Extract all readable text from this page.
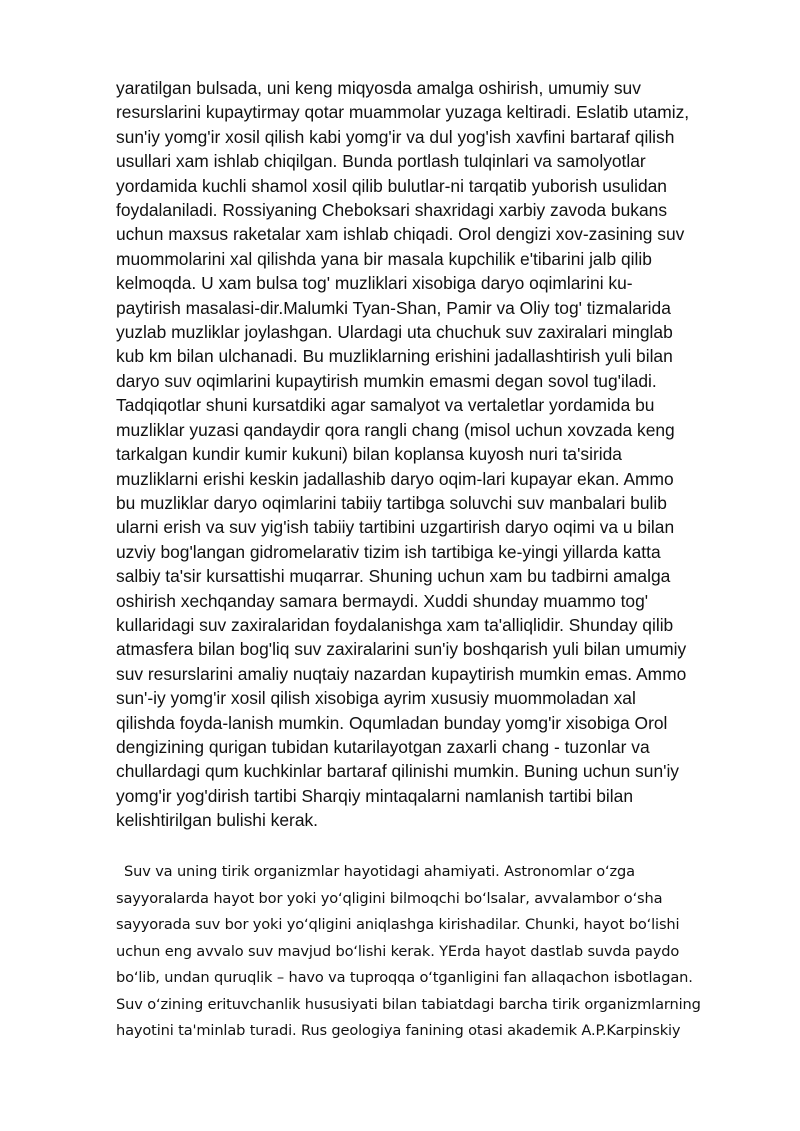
yaratilgan bulsada, uni keng miqyosda amalga oshirish, umumiy suv
resurslarini kupaytirmay qotar muammolar yuzaga keltiradi. Eslatib utamiz,
sun'iy yomg'ir xosil qilish kabi yomg'ir va dul yog'ish xavfini bartaraf qilish
usullari xam ishlab chiqilgan. Bunda portlash tulqinlari va samolyotlar
yordamida kuchli shamol xosil qilib bulutlar-ni tarqatib yuborish usulidan
foydalaniladi. Rossiyaning Cheboksari shaxridagi xarbiy zavoda bukans
uchun maxsus raketalar xam ishlab chiqadi. Orol dengizi xov-zasining suv
muommolarini xal qilishda yana bir masala kupchilik e'tibarini jalb qilib
kelmoqda. U xam bulsa tog' muzliklari xisobiga daryo oqimlarini ku-
paytirish masalasi-dir.Malumki Tyan-Shan, Pamir va Oliy tog' tizmalarida
yuzlab muzliklar joylashgan. Ulardagi uta chuchuk suv zaxiralari minglab
kub km bilan ulchanadi. Bu muzliklarning erishini jadallashtirish yuli bilan
daryo suv oqimlarini kupaytirish mumkin emasmi degan sovol tug'iladi.
Tadqiqotlar shuni kursatdiki agar samalyot va vertaletlar yordamida bu
muzliklar yuzasi qandaydir qora rangli chang (misol uchun xovzada keng
tarkalgan kundir kumir kukuni) bilan koplansa kuyosh nuri ta'sirida
muzliklarni erishi keskin jadallashib daryo oqim-lari kupayar ekan. Ammo
bu muzliklar daryo oqimlarini tabiiy tartibga soluvchi suv manbalari bulib
ularni erish va suv yig'ish tabiiy tartibini uzgartirish daryo oqimi va u bilan
uzviy bog'langan gidromelarativ tizim ish tartibiga ke-yingi yillarda katta
salbiy ta'sir kursattishi muqarrar. Shuning uchun xam bu tadbirni amalga
oshirish xechqanday samara bermaydi. Xuddi shunday muammo tog'
kullaridagi suv zaxiralaridan foydalanishga xam ta'alliqlidir. Shunday qilib
atmasfera bilan bog'liq suv zaxiralarini sun'iy boshqarish yuli bilan umumiy
suv resurslarini amaliy nuqtaiy nazardan kupaytirish mumkin emas. Ammo
sun'-iy yomg'ir xosil qilish xisobiga ayrim xususiy muommoladan xal
qilishda foyda-lanish mumkin. Oqumladan bunday yomg'ir xisobiga Orol
dengizining qurigan tubidan kutarilayotgan zaxarli chang - tuzonlar va
chullardagi qum kuchkinlar bartaraf qilinishi mumkin. Buning uchun sun'iy
yomg'ir yog'dirish tartibi Sharqiy mintaqalarni namlanish tartibi bilan
kelishtirilgan bulishi kerak.
Suv va uning tirik organizmlar hayotidagi ahamiyati. Astronomlar oʻzga
sayyoralarda hayot bor yoki yoʻqligini bilmoqchi boʻlsalar, avvalambor oʻsha
sayyorada suv bor yoki yoʻqligini aniqlashga kirishadilar. Chunki, hayot boʻlishi
uchun eng avvalo suv mavjud boʻlishi kerak. YErda hayot dastlab suvda paydo
boʻlib, undan quruqlik – havo va tuproqqa oʻtganligini fan allaqachon isbotlagan.
Suv oʻzining erituvchanlik hususiyati bilan tabiatdagi barcha tirik organizmlarning
hayotini ta'minlab turadi. Rus geologiya fanining otasi akademik A.P.Karpinskiy
